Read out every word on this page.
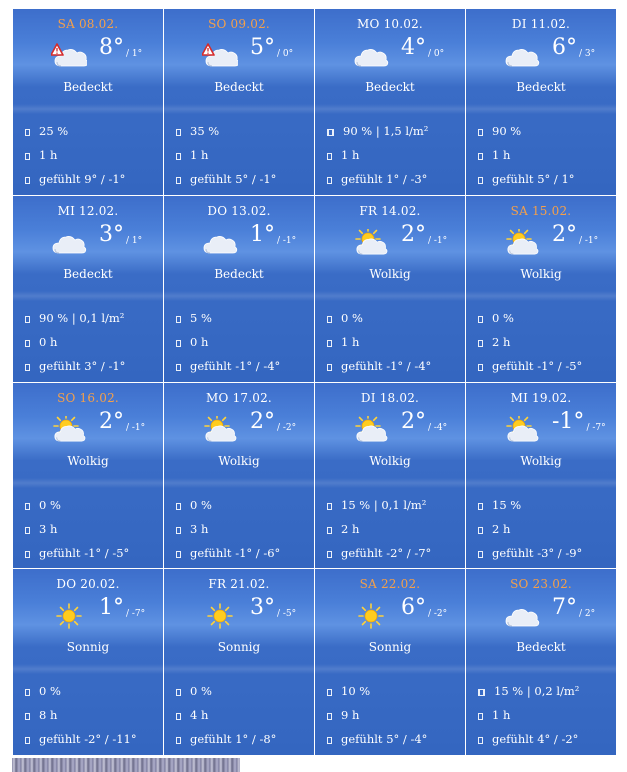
SA 08.02.
8° / 1°
Bedeckt
25 %
1 h
gefühlt 9° / -1°
SO 09.02.
5° / 0°
Bedeckt
35 %
1 h
gefühlt 5° / -1°
MO 10.02.
4° / 0°
Bedeckt
90 % | 1,5 l/m²
1 h
gefühlt 1° / -3°
DI 11.02.
6° / 3°
Bedeckt
90 %
1 h
gefühlt 5° / 1°
MI 12.02.
3° / 1°
Bedeckt
90 % | 0,1 l/m²
0 h
gefühlt 3° / -1°
DO 13.02.
1° / -1°
Bedeckt
5 %
0 h
gefühlt -1° / -4°
FR 14.02.
2° / -1°
Wolkig
0 %
1 h
gefühlt -1° / -4°
SA 15.02.
2° / -1°
Wolkig
0 %
2 h
gefühlt -1° / -5°
SO 16.02.
2° / -1°
Wolkig
0 %
3 h
gefühlt -1° / -5°
MO 17.02.
2° / -2°
Wolkig
0 %
3 h
gefühlt -1° / -6°
DI 18.02.
2° / -4°
Wolkig
15 % | 0,1 l/m²
2 h
gefühlt -2° / -7°
MI 19.02.
-1° / -7°
Wolkig
15 %
2 h
gefühlt -3° / -9°
DO 20.02.
1° / -7°
Sonnig
0 %
8 h
gefühlt -2° / -11°
FR 21.02.
3° / -5°
Sonnig
0 %
4 h
gefühlt 1° / -8°
SA 22.02.
6° / -2°
Sonnig
10 %
9 h
gefühlt 5° / -4°
SO 23.02.
7° / 2°
Bedeckt
15 % | 0,2 l/m²
1 h
gefühlt 4° / -2°
